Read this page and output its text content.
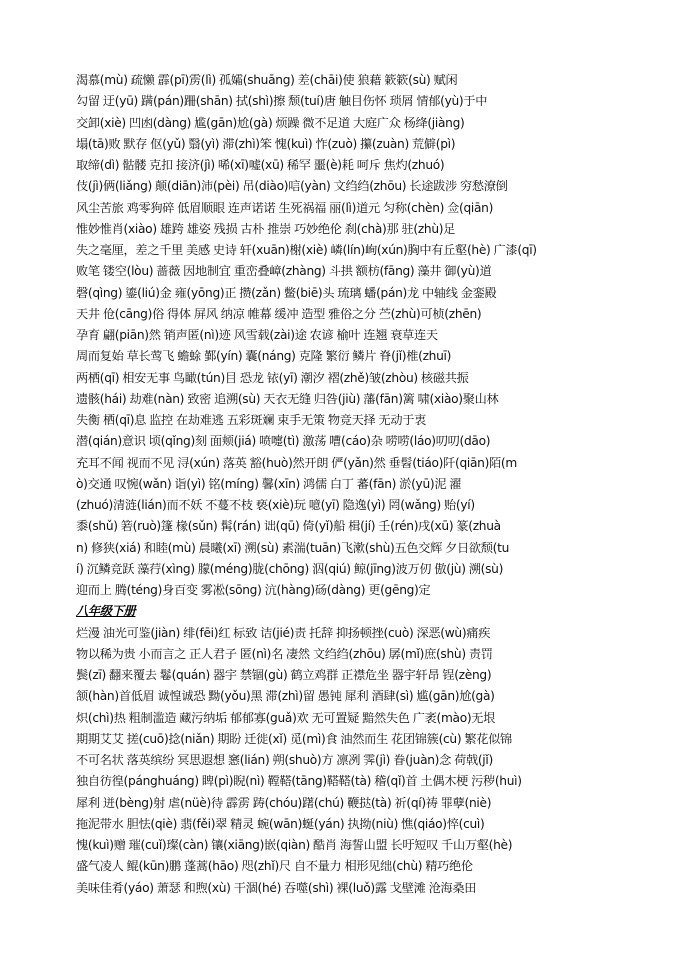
渴慕(mù) 疏懒 霹(pī)雳(lì) 孤孀(shuāng) 差(chāi)使 狼藉 簌簌(sù) 赋闲
勾留 迂(yū) 蹒(pán)跚(shān) 拭(shì)擦 颓(tuí)唐 触目伤怀 琐屑 情郁(yù)于中
交卸(xiè) 凹凼(dàng) 尴(gān)尬(gà) 烦躁 微不足道 大庭广众 杨绛(jiàng)
塌(tā)败 默存 伛(yǔ) 翳(yì) 滞(zhì)笨 愧(kuì) 怍(zuò) 攥(zuàn) 荒僻(pì)
取缔(dì) 骷髅 克扣 接济(jì) 唏(xī)嘘(xū) 稀罕 噩(è)耗 呵斥 焦灼(zhuó)
伎(jì)俩(liǎng) 颠(diān)沛(pèi) 吊(diào)唁(yàn) 文绉绉(zhōu) 长途跋涉 穷愁潦倒
风尘苦旅 鸡零狗碎 低眉顺眼 连声诺诺 生死祸福 丽(lì)道元 匀称(chèn) 佥(qiān)
惟妙惟肖(xiào) 雄跨 雄姿 残损 古朴 推崇 巧妙绝伦 刹(chà)那 驻(zhù)足
失之毫厘，差之千里 美感 史诗 轩(xuān)榭(xiè) 嶙(lín)峋(xún)胸中有丘壑(hè) 广漆(qī)
败笔 镂空(lòu) 蔷薇 因地制宜 重峦叠嶂(zhàng) 斗拱 额枋(fāng) 藻井 御(yù)道
磬(qìng) 鎏(liú)金 雍(yōng)正 攒(zǎn) 鳖(biē)头 琉璃 蟠(pán)龙 中轴线 金銮殿
天井 伧(cāng)俗 得体 屏风 纳凉 帷幕 缓冲 造型 雅俗之分 苎(zhù)可桢(zhēn)
孕育 翩(piān)然 销声匿(nì)迹 风雪载(zài)途 农谚 榆叶 连翘 衰草连天
周而复始 草长莺飞 蟾蜍 鄞(yín) 囊(náng) 克隆 繁衍 鳞片 脊(jǐ)椎(zhuī)
两栖(qī) 相安无事 鸟瞰(tún)目 恐龙 铱(yī) 潮汐 褶(zhě)皱(zhòu) 核磁共振
遗骸(hái) 劫难(nàn) 致密 追溯(sù) 天衣无缝 归咎(jiù) 藩(fān)篱 啸(xiào)聚山林
失衡 栖(qī)息 监控 在劫难逃 五彩斑斓 束手无策 物竞天择 无动于衷
潜(qián)意识 顷(qǐng)刻 面颊(jiá) 喷嚏(tì) 激荡 嘈(cáo)杂 唠唠(láo)叨叨(dāo)
充耳不闻 视而不见 浔(xún) 落英 豁(huò)然开朗 俨(yǎn)然 垂髫(tiáo)阡(qiān)陌(m
ò)交通 叹惋(wǎn) 诣(yì) 铭(míng) 馨(xīn) 鸿儒 白丁 蕃(fān) 淤(yū)泥 濯
(zhuó)清涟(lián)而不妖 不蔓不枝 亵(xiè)玩 噫(yī) 隐逸(yì) 罔(wǎng) 贻(yí)
黍(shǔ) 箬(ruò)篷 椽(sǔn) 髯(rán) 诎(qū) 倚(yǐ)船 楫(jí) 壬(rén)戌(xū) 篆(zhuà
n) 修狭(xiá) 和睦(mù) 晨曦(xī) 溯(sù) 素湍(tuān)飞漱(shù)五色交辉 夕日欲颓(tu
í) 沉鳞竞跃 藻荇(xìng) 朦(méng)胧(chōng) 泅(qiú) 鲸(jīng)波万仞 傲(jù) 溯(sù)
迎而上 腾(téng)身百变 雾凇(sōng) 沆(hàng)砀(dàng) 更(gēng)定
八年级下册
烂漫 油光可鉴(jiàn) 绯(fēi)红 标致 诘(jié)责 托辞 抑扬顿挫(cuò) 深恶(wù)痛疾
物以稀为贵 小而言之 正人君子 匿(nì)名 凄然 文绉绉(zhōu) 孱(mǐ)庶(shù) 责罚
鬓(zī) 翻来覆去 鬈(quán) 器宇 禁锢(gù) 鹤立鸡群 正襟危坐 器宇轩昂 锃(zèng)
颔(hàn)首低眉 诚惶诚恐 黝(yǒu)黑 滞(zhì)留 愚钝 犀利 酒肆(sì) 尴(gān)尬(gà)
炽(chì)热 粗制滥造 藏污纳垢 郁郁寡(guǎ)欢 无可置疑 黯然失色 广袤(mào)无垠
期期艾艾 搓(cuō)捻(niǎn) 期盼 迁徙(xǐ) 觅(mì)食 油然而生 花团锦簇(cù) 繁花似锦
不可名状 落英缤纷 冥思遐想 窸(lián) 朔(shuò)方 凛冽 霁(jì) 眷(juàn)念 荷戟(jǐ)
独自彷徨(pánghuáng) 睥(pì)睨(nì) 鞺鞳(tāng)鞳鞳(tà) 稽(qǐ)首 土偶木梗 污秽(huì)
犀利 迸(bèng)射 虐(nüè)待 霹雳 踌(chóu)躇(chú) 鞭挞(tà) 祈(qí)祷 罪孽(niè)
拖泥带水 胆怯(qiè) 翡(fěi)翠 精灵 蜿(wān)蜒(yán) 执拗(niù) 憔(qiáo)悴(cuì)
愧(kuì)赠 璀(cuǐ)璨(càn) 镶(xiāng)嵌(qiàn) 酷肖 海誓山盟 长吁短叹 千山万壑(hè)
盛气凌人 鲲(kūn)鹏 蓬蒿(hāo) 咫(zhǐ)尺 自不量力 相形见绌(chù) 精巧绝伦
美味佳肴(yáo) 萧瑟 和煦(xù) 干涸(hé) 吞噬(shì) 裸(luǒ)露 戈壁滩 沧海桑田
